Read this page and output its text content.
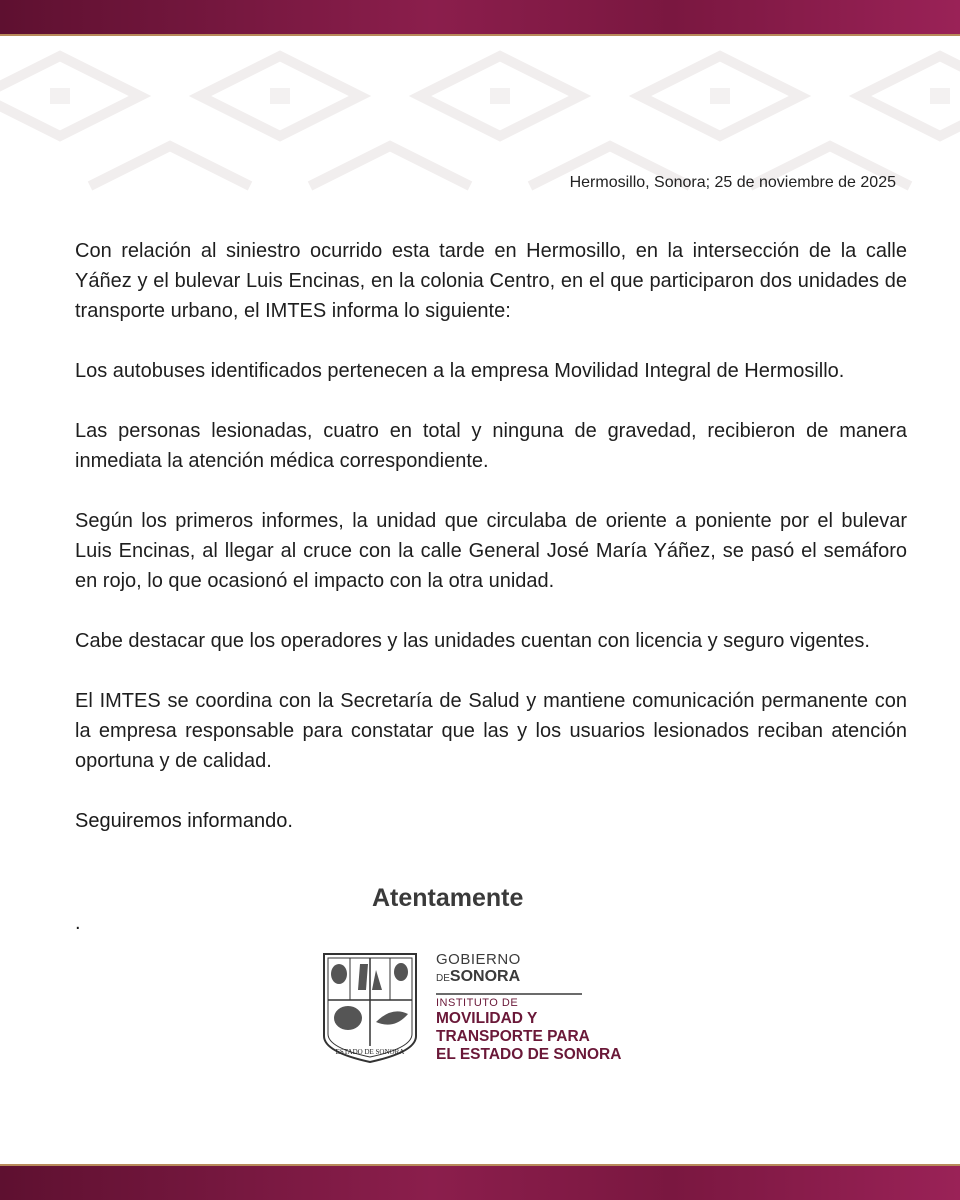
Hermosillo, Sonora; 25 de noviembre de 2025

Con relación al siniestro ocurrido esta tarde en Hermosillo, en la intersección de la calle Yáñez y el bulevar Luis Encinas, en la colonia Centro, en el que participaron dos unidades de transporte urbano, el IMTES informa lo siguiente:

Los autobuses identificados pertenecen a la empresa Movilidad Integral de Hermosillo.

Las personas lesionadas, cuatro en total y ninguna de gravedad, recibieron de manera inmediata la atención médica correspondiente.

Según los primeros informes, la unidad que circulaba de oriente a poniente por el bulevar Luis Encinas, al llegar al cruce con la calle General José María Yáñez, se pasó el semáforo en rojo, lo que ocasionó el impacto con la otra unidad.

Cabe destacar que los operadores y las unidades cuentan con licencia y seguro vigentes.

El IMTES se coordina con la Secretaría de Salud y mantiene comunicación permanente con la empresa responsable para constatar que las y los usuarios lesionados reciban atención oportuna y de calidad.

Seguiremos informando.

Atentamente
.
ESTADO DE SONORA
GOBIERNO
DESONORA
INSTITUTO DE
MOVILIDAD Y
TRANSPORTE PARA
EL ESTADO DE SONORA
